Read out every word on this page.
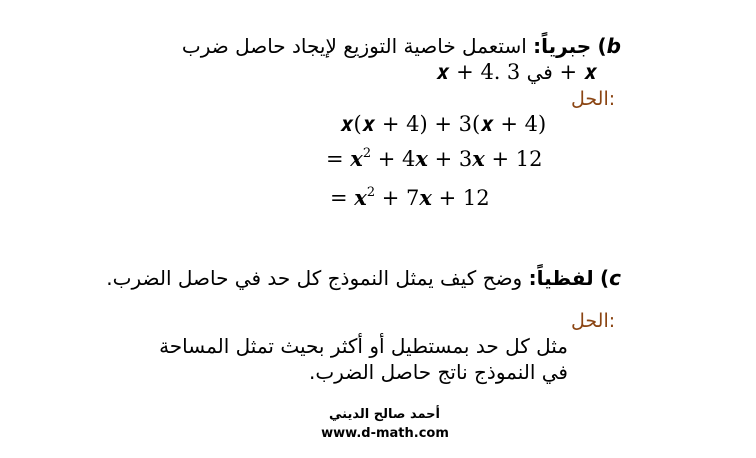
b) جبرياً: استعمل خاصية التوزيع لإيجاد حاصل ضرب
𝒙 + 4. في 3 + 𝒙
الحل:
𝒙(𝒙 + 4) + 3(𝒙 + 4)
= 𝒙$^2$ + 4𝒙 + 3𝒙 + 12
= 𝒙$^2$ + 7𝒙 + 12
c) لفظياً: وضح كيف يمثل النموذج كل حد في حاصل الضرب.
الحل:
مثل كل حد بمستطيل أو أكثر بحيث تمثل المساحة
في النموذج ناتج حاصل الضرب.
أحمد صالح الديني
www.d-math.com
